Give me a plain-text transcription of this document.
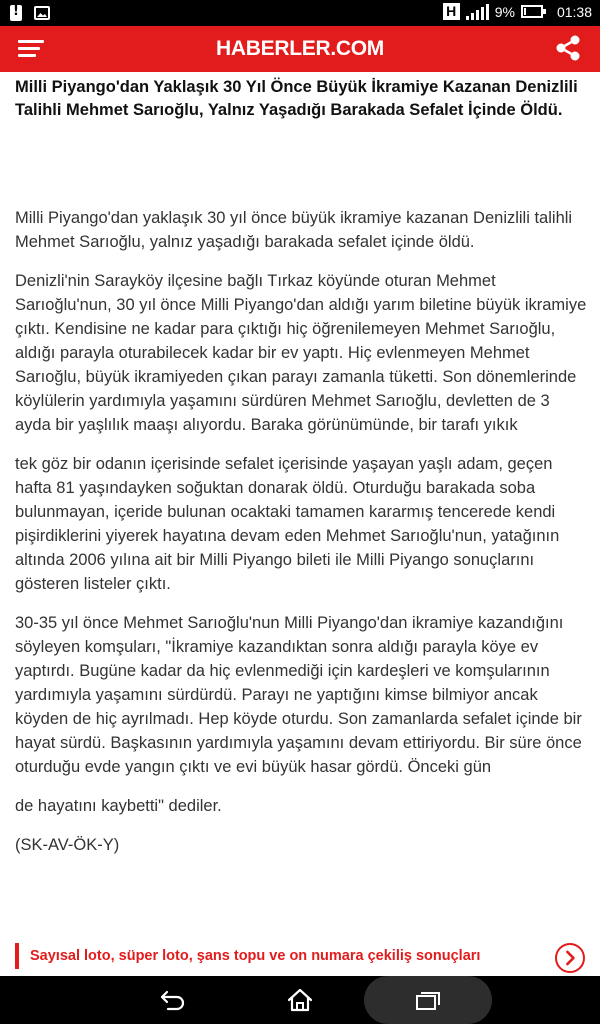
!
H	9%	01:38
HABERLER.COM
Milli Piyango'dan Yaklaşık 30 Yıl Önce Büyük İkramiye Kazanan Denizlili Talihli Mehmet Sarıoğlu, Yalnız Yaşadığı Barakada Sefalet İçinde Öldü.

Milli Piyango'dan yaklaşık 30 yıl önce büyük ikramiye kazanan Denizlili talihli Mehmet Sarıoğlu, yalnız yaşadığı barakada sefalet içinde öldü.

Denizli'nin Sarayköy ilçesine bağlı Tırkaz köyünde oturan Mehmet Sarıoğlu'nun, 30 yıl önce Milli Piyango'dan aldığı yarım biletine büyük ikramiye çıktı. Kendisine ne kadar para çıktığı hiç öğrenilemeyen Mehmet Sarıoğlu, aldığı parayla oturabilecek kadar bir ev yaptı. Hiç evlenmeyen Mehmet Sarıoğlu, büyük ikramiyeden çıkan parayı zamanla tüketti. Son dönemlerinde köylülerin yardımıyla yaşamını sürdüren Mehmet Sarıoğlu, devletten de 3 ayda bir yaşlılık maaşı alıyordu. Baraka görünümünde, bir tarafı yıkık

tek göz bir odanın içerisinde sefalet içerisinde yaşayan yaşlı adam, geçen hafta 81 yaşındayken soğuktan donarak öldü. Oturduğu barakada soba bulunmayan, içeride bulunan ocaktaki tamamen kararmış tencerede kendi pişirdiklerini yiyerek hayatına devam eden Mehmet Sarıoğlu'nun, yatağının altında 2006 yılına ait bir Milli Piyango bileti ile Milli Piyango sonuçlarını gösteren listeler çıktı.

30-35 yıl önce Mehmet Sarıoğlu'nun Milli Piyango'dan ikramiye kazandığını söyleyen komşuları, "İkramiye kazandıktan sonra aldığı parayla köye ev yaptırdı. Bugüne kadar da hiç evlenmediği için kardeşleri ve komşularının yardımıyla yaşamını sürdürdü. Parayı ne yaptığını kimse bilmiyor ancak köyden de hiç ayrılmadı. Hep köyde oturdu. Son zamanlarda sefalet içinde bir hayat sürdü. Başkasının yardımıyla yaşamını devam ettiriyordu. Bir süre önce oturduğu evde yangın çıktı ve evi büyük hasar gördü. Önceki gün

de hayatını kaybetti" dediler.

(SK-AV-ÖK-Y)

Sayısal loto, süper loto, şans topu ve on numara çekiliş sonuçları
